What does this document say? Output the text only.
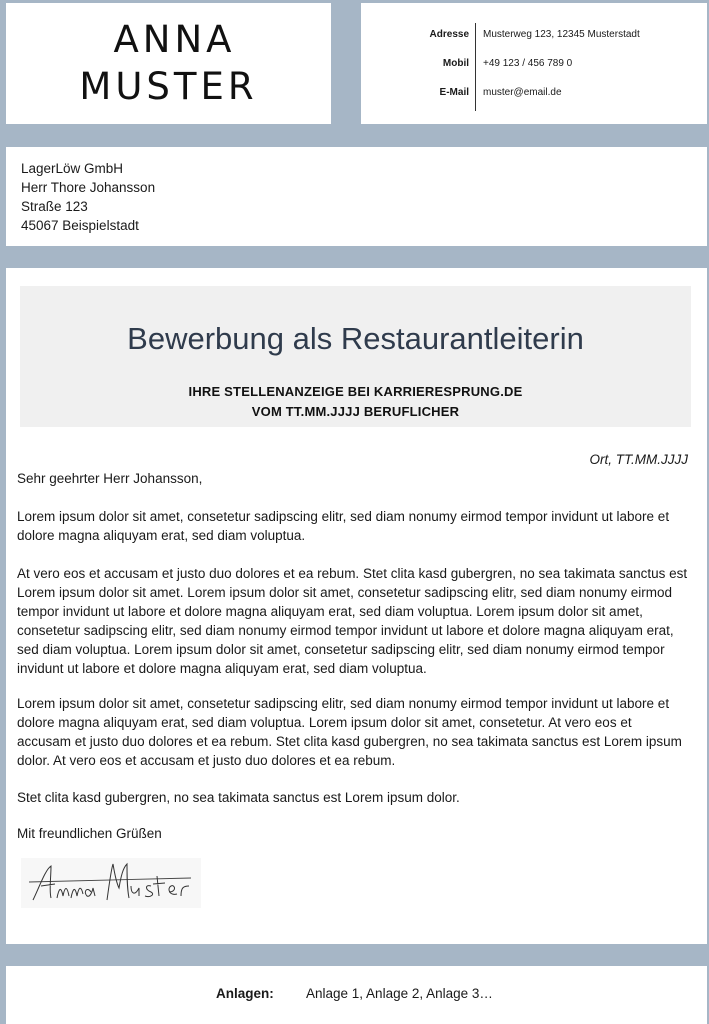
ANNA
MUSTER
Adresse Musterweg 123, 12345 Musterstadt
Mobil +49 123 / 456 789 0
E-Mail muster@email.de
LagerLöw GmbH
Herr Thore Johansson
Straße 123
45067 Beispielstadt
Bewerbung als Restaurantleiterin
IHRE STELLENANZEIGE BEI KARRIERESPRUNG.DE
VOM TT.MM.JJJJ BERUFLICHER
Ort, TT.MM.JJJJ
Sehr geehrter Herr Johansson,
Lorem ipsum dolor sit amet, consetetur sadipscing elitr, sed diam nonumy eirmod tempor invidunt ut labore et dolore magna aliquyam erat, sed diam voluptua.
At vero eos et accusam et justo duo dolores et ea rebum. Stet clita kasd gubergren, no sea takimata sanctus est Lorem ipsum dolor sit amet. Lorem ipsum dolor sit amet, consetetur sadipscing elitr, sed diam nonumy eirmod tempor invidunt ut labore et dolore magna aliquyam erat, sed diam voluptua. Lorem ipsum dolor sit amet, consetetur sadipscing elitr, sed diam nonumy eirmod tempor invidunt ut labore et dolore magna aliquyam erat, sed diam voluptua. Lorem ipsum dolor sit amet, consetetur sadipscing elitr, sed diam nonumy eirmod tempor invidunt ut labore et dolore magna aliquyam erat, sed diam voluptua.
Lorem ipsum dolor sit amet, consetetur sadipscing elitr, sed diam nonumy eirmod tempor invidunt ut labore et dolore magna aliquyam erat, sed diam voluptua. Lorem ipsum dolor sit amet, consetetur. At vero eos et accusam et justo duo dolores et ea rebum. Stet clita kasd gubergren, no sea takimata sanctus est Lorem ipsum dolor. At vero eos et accusam et justo duo dolores et ea rebum.
Stet clita kasd gubergren, no sea takimata sanctus est Lorem ipsum dolor.
Mit freundlichen Grüßen
Anlagen: Anlage 1, Anlage 2, Anlage 3…
